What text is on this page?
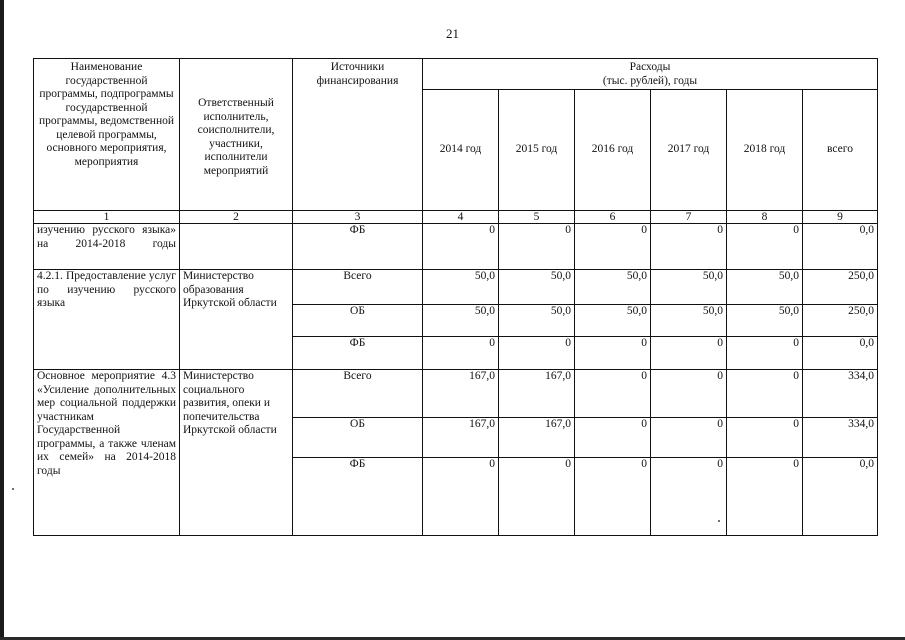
21
Наименование государственной программы, подпрограммы государственной программы, ведомственной целевой программы, основного мероприятия, мероприятия	Ответственный исполнитель, соисполнители, участники, исполнители мероприятий	Источники финансирования	Расходы
(тыс. рублей), годы					

			2014 год	2015 год	2016 год	2017 год	2018 год	всего
1	2	3	4	5	6	7	8	9
изучению русского языка» на 2014-2018 годы		ФБ	0	0	0	0	0	0,0
4.2.1. Предоставление услуг по изучению русского языка	Министерство образования Иркутской области	Всего	50,0	50,0	50,0	50,0	50,0	250,0
		ОБ	50,0	50,0	50,0	50,0	50,0	250,0
		ФБ	0	0	0	0	0	0,0
Основное мероприятие 4.3 «Усиление дополнительных мер социальной поддержки участникам Государственной программы, а также членам их семей» на 2014-2018 годы	Министерство социального развития, опеки и попечительства Иркутской области	Всего	167,0	167,0	0	0	0	334,0
		ОБ	167,0	167,0	0	0	0	334,0
		ФБ	0	0	0	0	0	0,0
